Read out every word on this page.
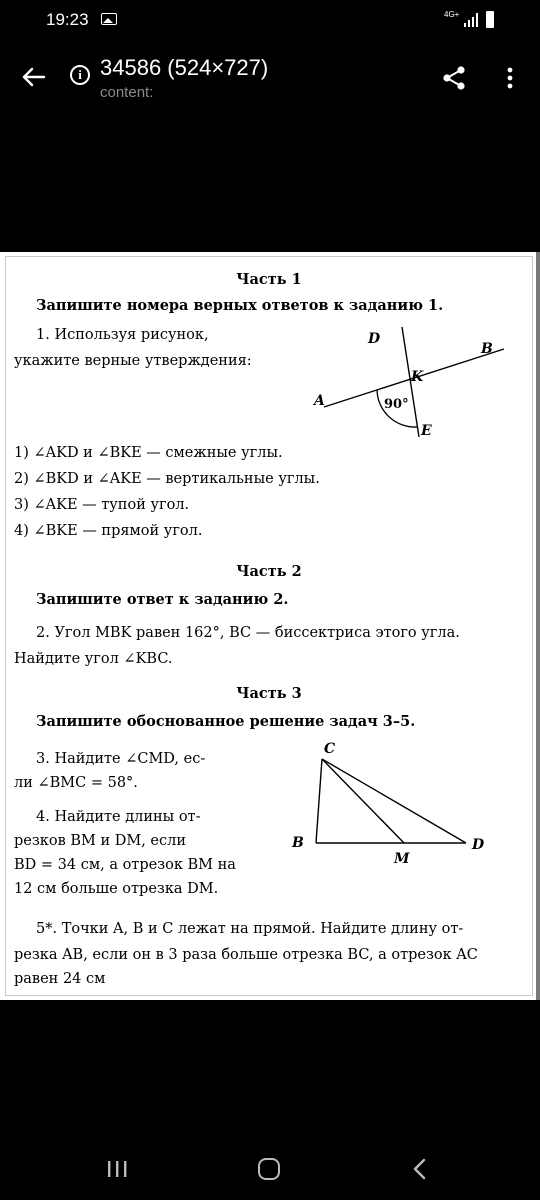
19:23	4G+
i 34586 (524×727)
content:
Часть 1
Запишите номера верных ответов к заданию 1.
1. Используя рисунок,
укажите верные утверждения:
D
B
K
A
E
90°
1) ∠AKD и ∠BKE — смежные углы.
2) ∠BKD и ∠AKE — вертикальные углы.
3) ∠AKE — тупой угол.
4) ∠BKE — прямой угол.
Часть 2
Запишите ответ к заданию 2.
2. Угол MBK равен 162°, BC — биссектриса этого угла.
Найдите угол ∠KBC.
Часть 3
Запишите обоснованное решение задач 3–5.
3. Найдите ∠CMD, ес-
ли ∠BMC = 58°.
4. Найдите длины от-
резков BM и DM, если
BD = 34 см, а отрезок BM на
12 см больше отрезка DM.
C
B
M
D
5*. Точки A, B и C лежат на прямой. Найдите длину от-
резка AB, если он в 3 раза больше отрезка BC, а отрезок AC
равен 24 см
